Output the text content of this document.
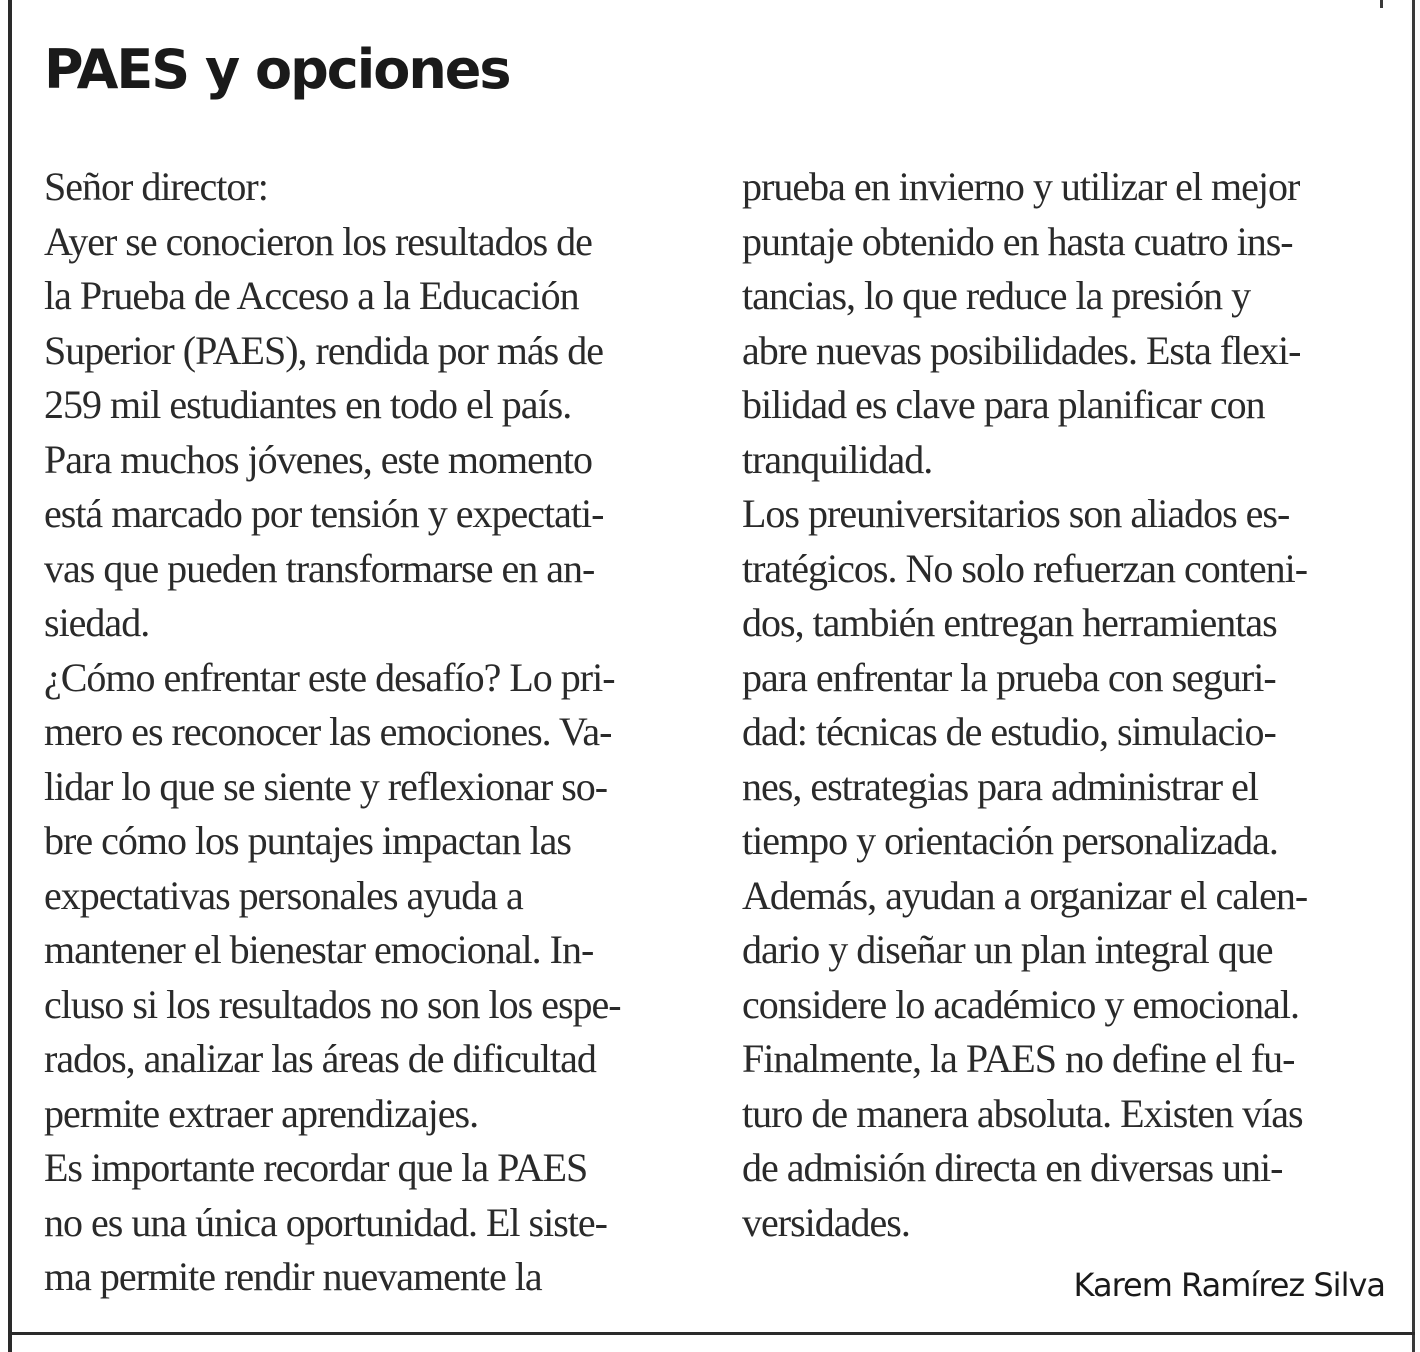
PAES y opciones
Señor director:
Ayer se conocieron los resultados de
la Prueba de Acceso a la Educación
Superior (PAES), rendida por más de
259 mil estudiantes en todo el país.
Para muchos jóvenes, este momento
está marcado por tensión y expectati-
vas que pueden transformarse en an-
siedad.
¿Cómo enfrentar este desafío? Lo pri-
mero es reconocer las emociones. Va-
lidar lo que se siente y reflexionar so-
bre cómo los puntajes impactan las
expectativas personales ayuda a
mantener el bienestar emocional. In-
cluso si los resultados no son los espe-
rados, analizar las áreas de dificultad
permite extraer aprendizajes.
Es importante recordar que la PAES
no es una única oportunidad. El siste-
ma permite rendir nuevamente la
prueba en invierno y utilizar el mejor
puntaje obtenido en hasta cuatro ins-
tancias, lo que reduce la presión y
abre nuevas posibilidades. Esta flexi-
bilidad es clave para planificar con
tranquilidad.
Los preuniversitarios son aliados es-
tratégicos. No solo refuerzan conteni-
dos, también entregan herramientas
para enfrentar la prueba con seguri-
dad: técnicas de estudio, simulacio-
nes, estrategias para administrar el
tiempo y orientación personalizada.
Además, ayudan a organizar el calen-
dario y diseñar un plan integral que
considere lo académico y emocional.
Finalmente, la PAES no define el fu-
turo de manera absoluta. Existen vías
de admisión directa en diversas uni-
versidades.
Karem Ramírez Silva
